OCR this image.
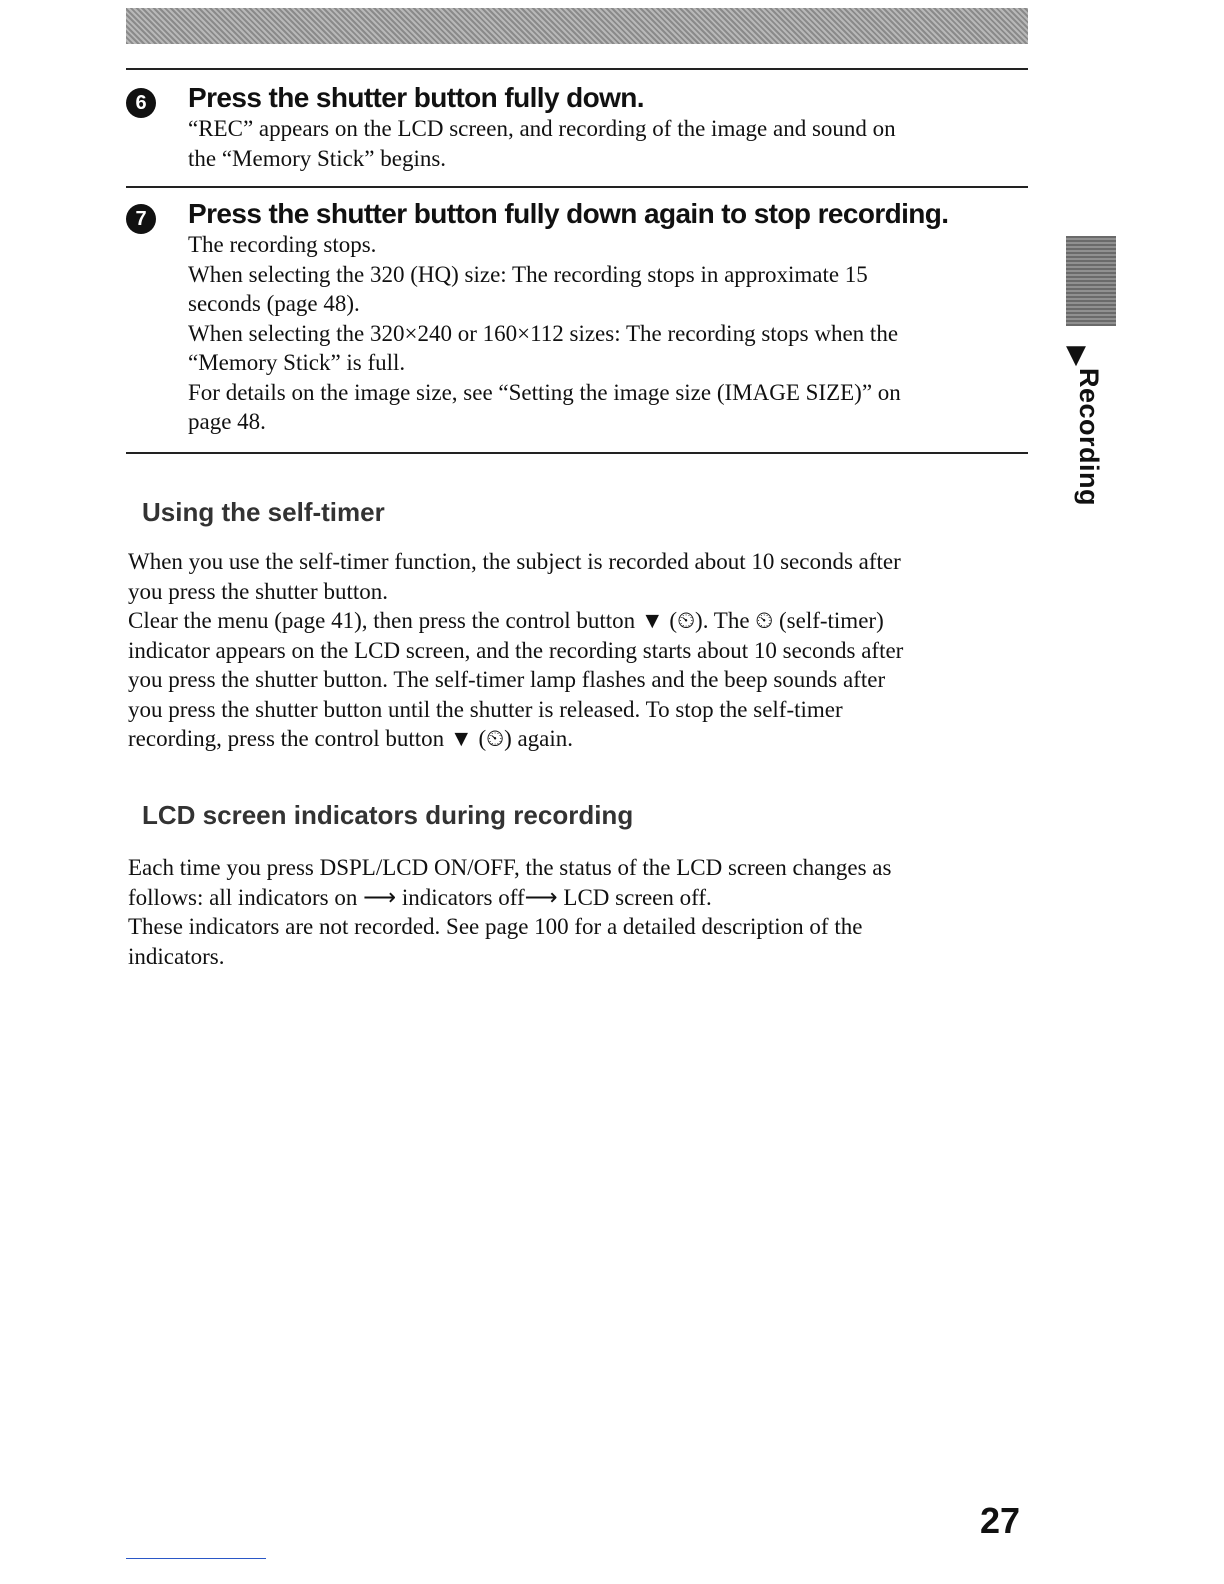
6	Press the shutter button fully down.
“REC” appears on the LCD screen, and recording of the image and sound on
the “Memory Stick” begins.
7	Press the shutter button fully down again to stop recording.
The recording stops.
When selecting the 320 (HQ) size: The recording stops in approximate 15
seconds (page 48).
When selecting the 320×240 or 160×112 sizes: The recording stops when the
“Memory Stick” is full.
For details on the image size, see “Setting the image size (IMAGE SIZE)” on
page 48.
Using the self-timer
When you use the self-timer function, the subject is recorded about 10 seconds after
you press the shutter button.
Clear the menu (page 41), then press the control button ▼ (⏲). The ⏲ (self-timer)
indicator appears on the LCD screen, and the recording starts about 10 seconds after
you press the shutter button. The self-timer lamp flashes and the beep sounds after
you press the shutter button until the shutter is released. To stop the self-timer
recording, press the control button ▼ (⏲) again.
LCD screen indicators during recording
Each time you press DSPL/LCD ON/OFF, the status of the LCD screen changes as
follows: all indicators on ⟶ indicators off⟶ LCD screen off.
These indicators are not recorded. See page 100 for a detailed description of the
indicators.
▼
Recording
27
